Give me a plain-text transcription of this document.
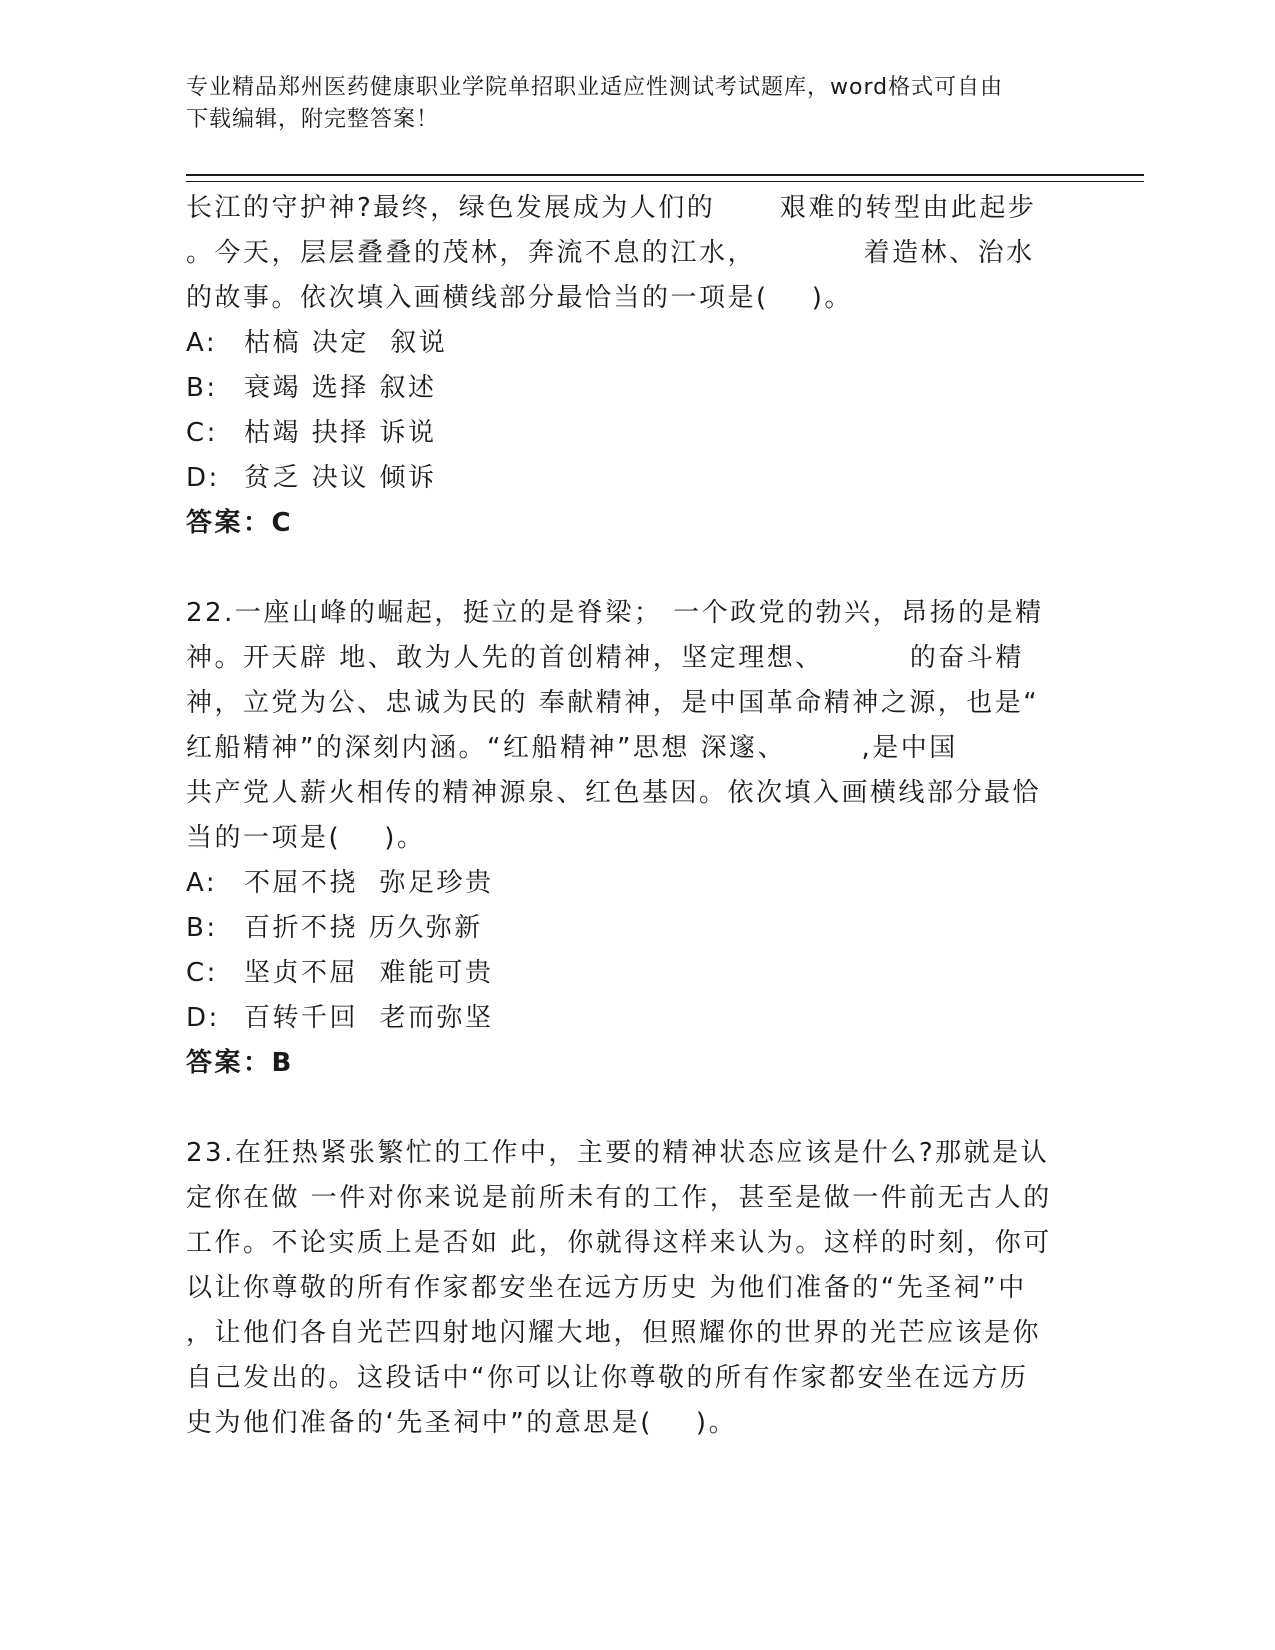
专业精品郑州医药健康职业学院单招职业适应性测试考试题库，word格式可自由
下载编辑，附完整答案！
长江的守护神?最终，绿色发展成为人们的      艰难的转型由此起步
。今天，层层叠叠的茂林，奔流不息的江水，          着造林、治水
的故事。依次填入画横线部分最恰当的一项是(    )。
A: 枯槁 决定  叙说
B: 衰竭 选择 叙述
C: 枯竭 抉择 诉说
D: 贫乏 决议 倾诉
答案：C
22.一座山峰的崛起，挺立的是脊梁； 一个政党的勃兴，昂扬的是精
神。开天辟 地、敢为人先的首创精神，坚定理想、        的奋斗精
神，立党为公、忠诚为民的 奉献精神，是中国革命精神之源，也是“
红船精神”的深刻内涵。“红船精神”思想 深邃、       ,是中国
共产党人薪火相传的精神源泉、红色基因。依次填入画横线部分最恰
当的一项是(    )。
A: 不屈不挠  弥足珍贵
B: 百折不挠 历久弥新
C: 坚贞不屈  难能可贵
D: 百转千回  老而弥坚
答案：B
23.在狂热紧张繁忙的工作中，主要的精神状态应该是什么?那就是认
定你在做 一件对你来说是前所未有的工作，甚至是做一件前无古人的
工作。不论实质上是否如 此，你就得这样来认为。这样的时刻，你可
以让你尊敬的所有作家都安坐在远方历史 为他们准备的“先圣祠”中
，让他们各自光芒四射地闪耀大地，但照耀你的世界的光芒应该是你
自己发出的。这段话中“你可以让你尊敬的所有作家都安坐在远方历
史为他们准备的‘先圣祠中”的意思是(    )。
